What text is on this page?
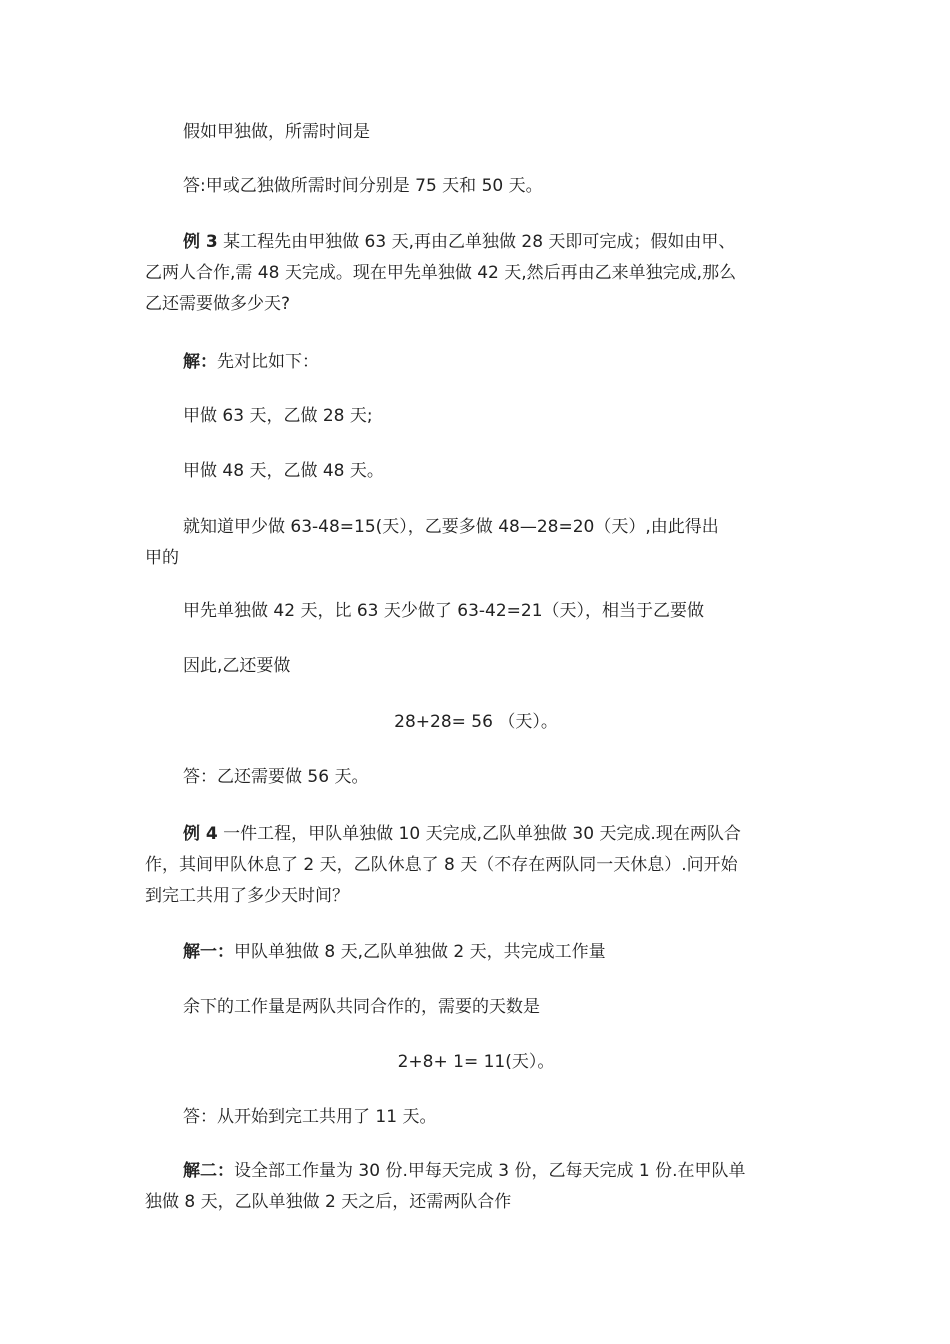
假如甲独做，所需时间是
答:甲或乙独做所需时间分别是 75 天和 50 天。
例 3 某工程先由甲独做 63 天,再由乙单独做 28 天即可完成；假如由甲、
乙两人合作,需 48 天完成。现在甲先单独做 42 天,然后再由乙来单独完成,那么
乙还需要做多少天?
解：先对比如下：
甲做 63 天，乙做 28 天;
甲做 48 天，乙做 48 天。
就知道甲少做 63-48=15(天），乙要多做 48—28=20（天）,由此得出
甲的
甲先单独做 42 天，比 63 天少做了 63-42=21（天），相当于乙要做
因此,乙还要做
28+28= 56 （天）。
答：乙还需要做 56 天。
例 4 一件工程，甲队单独做 10 天完成,乙队单独做 30 天完成.现在两队合
作，其间甲队休息了 2 天，乙队休息了 8 天（不存在两队同一天休息）.问开始
到完工共用了多少天时间？
解一：甲队单独做 8 天,乙队单独做 2 天，共完成工作量
余下的工作量是两队共同合作的，需要的天数是
2+8+ 1= 11(天）。
答：从开始到完工共用了 11 天。
解二：设全部工作量为 30 份.甲每天完成 3 份，乙每天完成 1 份.在甲队单
独做 8 天，乙队单独做 2 天之后，还需两队合作
